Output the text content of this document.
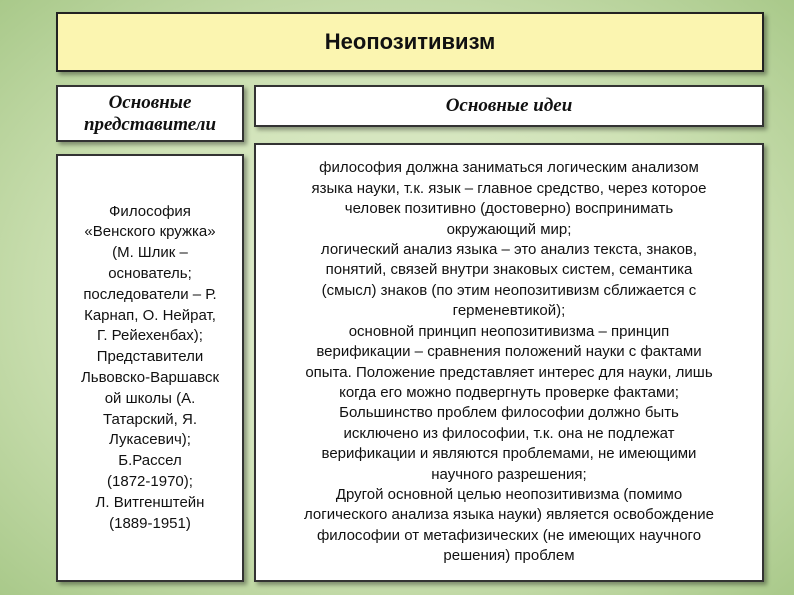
Неопозитивизм
Основные
представители
Основные идеи
Философия
«Венского кружка»
(М. Шлик –
основатель;
последователи – Р.
Карнап, О. Нейрат,
Г. Рейехенбах);
Представители
Львовско-Варшавск
ой школы (А.
Татарский, Я.
Лукасевич);
Б.Рассел
(1872-1970);
Л. Витгенштейн
(1889-1951)
философия должна заниматься логическим анализом
языка науки, т.к. язык – главное средство, через которое
человек позитивно (достоверно) воспринимать
окружающий мир;
логический анализ языка – это анализ текста, знаков,
понятий, связей внутри знаковых систем, семантика
(смысл) знаков (по этим неопозитивизм сближается с
герменевтикой);
основной принцип неопозитивизма – принцип
верификации – сравнения положений науки с фактами
опыта. Положение представляет интерес для науки, лишь
когда его можно подвергнуть проверке фактами;
Большинство проблем философии должно быть
исключено из философии, т.к. она не подлежат
верификации и являются проблемами, не имеющими
научного разрешения;
Другой основной целью неопозитивизма (помимо
логического анализа языка науки) является освобождение
философии от метафизических (не имеющих научного
решения) проблем
